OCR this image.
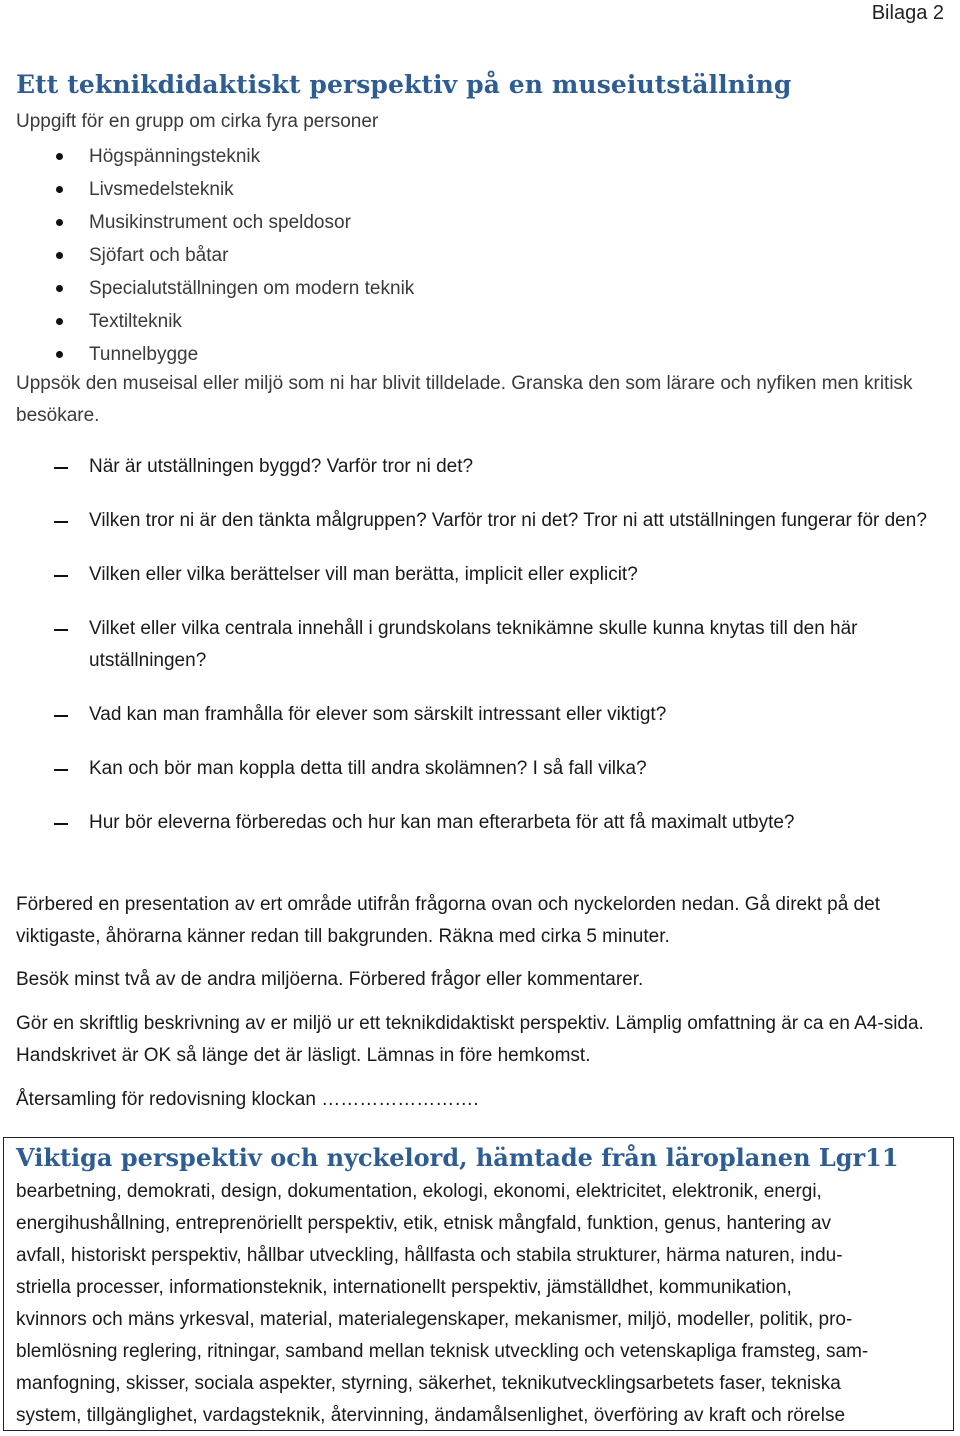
Bilaga 2
Ett teknikdidaktiskt perspektiv på en museiutställning
Uppgift för en grupp om cirka fyra personer
Högspänningsteknik
Livsmedelsteknik
Musikinstrument och speldosor
Sjöfart och båtar
Specialutställningen om modern teknik
Textilteknik
Tunnelbygge

Uppsök den museisal eller miljö som ni har blivit tilldelade. Granska den som lärare och nyfiken men kritisk besökare.

När är utställningen byggd? Varför tror ni det?
Vilken tror ni är den tänkta målgruppen? Varför tror ni det? Tror ni att utställningen fungerar för den?
Vilken eller vilka berättelser vill man berätta, implicit eller explicit?
Vilket eller vilka centrala innehåll i grundskolans teknikämne skulle kunna knytas till den här utställningen?
Vad kan man framhålla för elever som särskilt intressant eller viktigt?
Kan och bör man koppla detta till andra skolämnen? I så fall vilka?
Hur bör eleverna förberedas och hur kan man efterarbeta för att få maximalt utbyte?

Förbered en presentation av ert område utifrån frågorna ovan och nyckelorden nedan. Gå direkt på det viktigaste, åhörarna känner redan till bakgrunden. Räkna med cirka 5 minuter.

Besök minst två av de andra miljöerna. Förbered frågor eller kommentarer.

Gör en skriftlig beskrivning av er miljö ur ett teknikdidaktiskt perspektiv. Lämplig omfattning är ca en A4-sida. Handskrivet är OK så länge det är läsligt. Lämnas in före hemkomst.

Återsamling för redovisning klockan …………………….

Viktiga perspektiv och nyckelord, hämtade från läroplanen Lgr11

bearbetning, demokrati, design, dokumentation, ekologi, ekonomi, elektricitet, elektronik, energi,
energihushållning, entreprenöriellt perspektiv, etik, etnisk mångfald, funktion, genus, hantering av
avfall, historiskt perspektiv, hållbar utveckling, hållfasta och stabila strukturer, härma naturen, indu-
striella processer, informationsteknik, internationellt perspektiv, jämställdhet, kommunikation,
kvinnors och mäns yrkesval, material, materialegenskaper, mekanismer, miljö, modeller, politik, pro-
blemlösning reglering, ritningar, samband mellan teknisk utveckling och vetenskapliga framsteg, sam-
manfogning, skisser, sociala aspekter, styrning, säkerhet, teknikutvecklingsarbetets faser, tekniska
system, tillgänglighet, vardagsteknik, återvinning, ändamålsenlighet, överföring av kraft och rörelse
